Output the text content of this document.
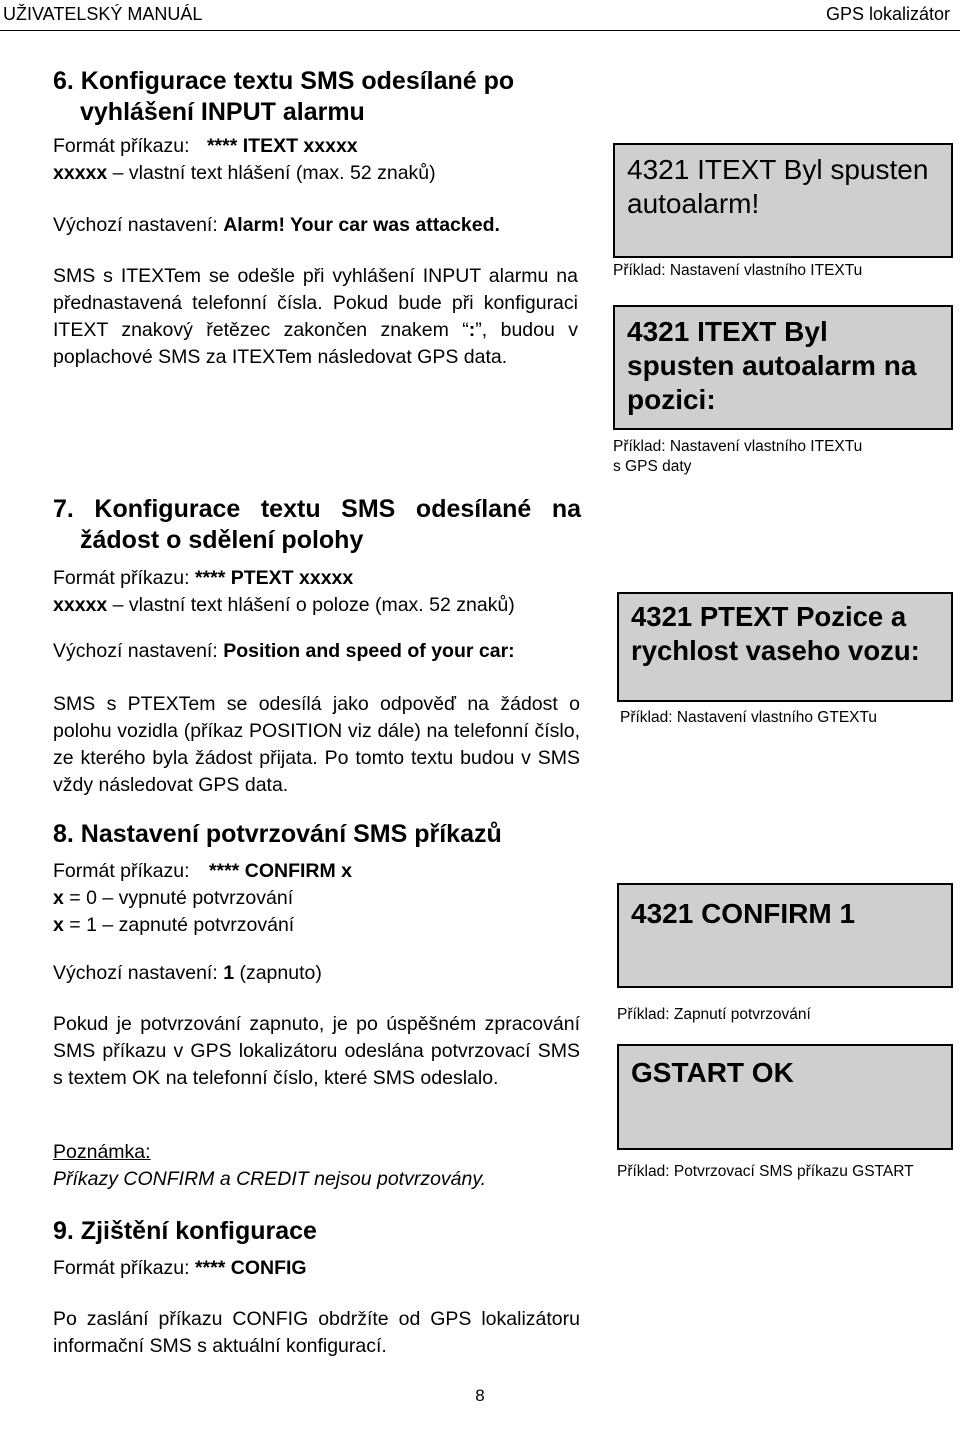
UŽIVATELSKÝ MANUÁL	GPS lokalizátor
6. Konfigurace textu SMS odesílané po
vyhlášení INPUT alarmu
Formát příkazu: **** ITEXT xxxxx
xxxxx – vlastní text hlášení (max. 52 znaků)
Výchozí nastavení: Alarm! Your car was attacked.
SMS s ITEXTem se odešle při vyhlášení INPUT alarmu na přednastavená telefonní čísla. Pokud bude při konfiguraci ITEXT znakový řetězec zakončen znakem “:”, budou v poplachové SMS za ITEXTem následovat GPS data.
4321 ITEXT Byl spusten autoalarm!
Příklad: Nastavení vlastního ITEXTu
4321 ITEXT Byl spusten autoalarm na pozici:
Příklad: Nastavení vlastního ITEXTu
s GPS daty
7. Konfigurace textu SMS odesílané na
žádost o sdělení polohy
Formát příkazu: **** PTEXT xxxxx
xxxxx – vlastní text hlášení o poloze (max. 52 znaků)
Výchozí nastavení: Position and speed of your car:
SMS s PTEXTem se odesílá jako odpověď na žádost o polohu vozidla (příkaz POSITION viz dále) na telefonní číslo, ze kterého byla žádost přijata. Po tomto textu budou v SMS vždy následovat GPS data.
4321 PTEXT Pozice a rychlost vaseho vozu:
Příklad: Nastavení vlastního GTEXTu
8. Nastavení potvrzování SMS příkazů
Formát příkazu: **** CONFIRM x
x = 0 – vypnuté potvrzování
x = 1 – zapnuté potvrzování
Výchozí nastavení: 1 (zapnuto)
Pokud je potvrzování zapnuto, je po úspěšném zpracování SMS příkazu v GPS lokalizátoru odeslána potvrzovací SMS s textem OK na telefonní číslo, které SMS odeslalo.
Poznámka:
Příkazy CONFIRM a CREDIT nejsou potvrzovány.
4321 CONFIRM 1
Příklad: Zapnutí potvrzování
GSTART OK
Příklad: Potvrzovací SMS příkazu GSTART
9. Zjištění konfigurace
Formát příkazu: **** CONFIG
Po zaslání příkazu CONFIG obdržíte od GPS lokalizátoru informační SMS s aktuální konfigurací.
8
